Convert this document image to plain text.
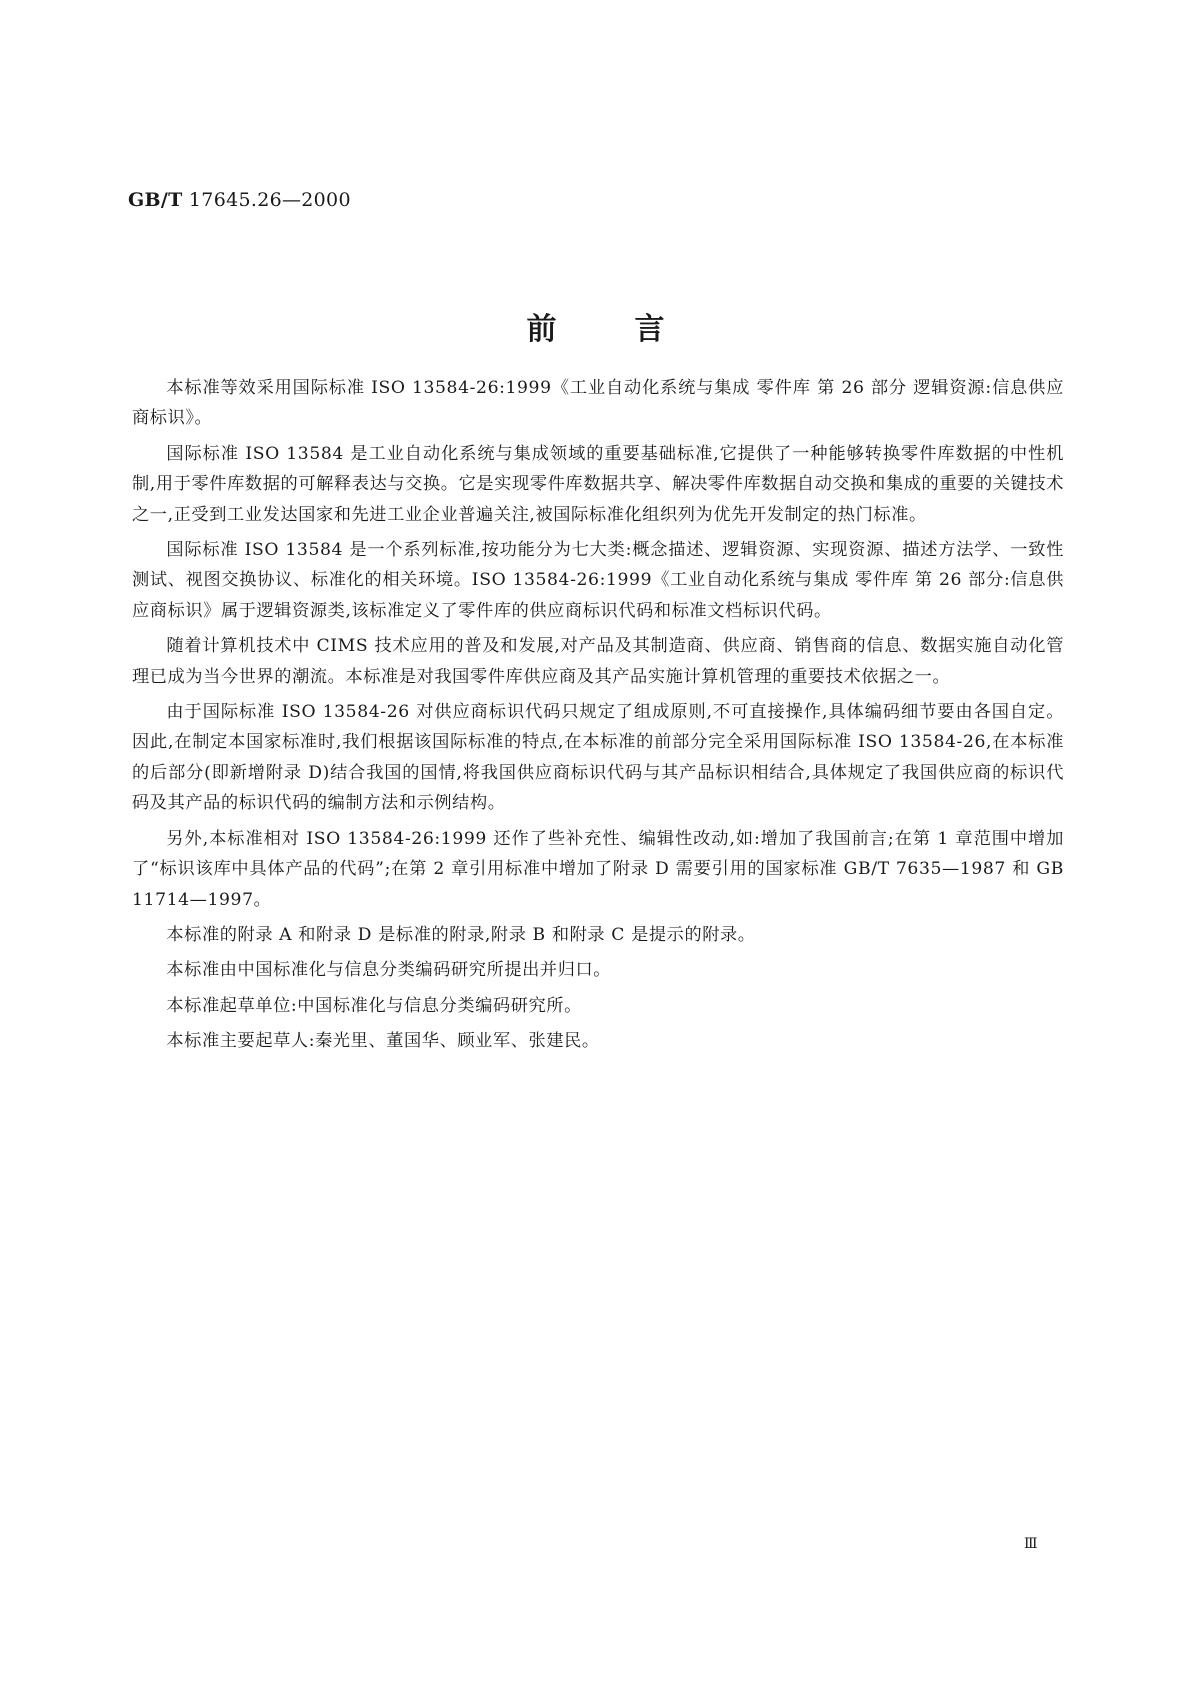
GB/T 17645.26—2000
前言

本标准等效采用国际标准 ISO 13584-26:1999《工业自动化系统与集成 零件库 第 26 部分 逻辑资源:信息供应商标识》。

国际标准 ISO 13584 是工业自动化系统与集成领域的重要基础标准,它提供了一种能够转换零件库数据的中性机制,用于零件库数据的可解释表达与交换。它是实现零件库数据共享、解决零件库数据自动交换和集成的重要的关键技术之一,正受到工业发达国家和先进工业企业普遍关注,被国际标准化组织列为优先开发制定的热门标准。

国际标准 ISO 13584 是一个系列标准,按功能分为七大类:概念描述、逻辑资源、实现资源、描述方法学、一致性测试、视图交换协议、标准化的相关环境。ISO 13584-26:1999《工业自动化系统与集成 零件库 第 26 部分:信息供应商标识》属于逻辑资源类,该标准定义了零件库的供应商标识代码和标准文档标识代码。

随着计算机技术中 CIMS 技术应用的普及和发展,对产品及其制造商、供应商、销售商的信息、数据实施自动化管理已成为当今世界的潮流。本标准是对我国零件库供应商及其产品实施计算机管理的重要技术依据之一。

由于国际标准 ISO 13584-26 对供应商标识代码只规定了组成原则,不可直接操作,具体编码细节要由各国自定。因此,在制定本国家标准时,我们根据该国际标准的特点,在本标准的前部分完全采用国际标准 ISO 13584-26,在本标准的后部分(即新增附录 D)结合我国的国情,将我国供应商标识代码与其产品标识相结合,具体规定了我国供应商的标识代码及其产品的标识代码的编制方法和示例结构。

另外,本标准相对 ISO 13584-26:1999 还作了些补充性、编辑性改动,如:增加了我国前言;在第 1 章范围中增加了“标识该库中具体产品的代码”;在第 2 章引用标准中增加了附录 D 需要引用的国家标准 GB/T 7635—1987 和 GB 11714—1997。

本标准的附录 A 和附录 D 是标准的附录,附录 B 和附录 C 是提示的附录。

本标准由中国标准化与信息分类编码研究所提出并归口。

本标准起草单位:中国标准化与信息分类编码研究所。

本标准主要起草人:秦光里、董国华、顾业军、张建民。

Ⅲ
